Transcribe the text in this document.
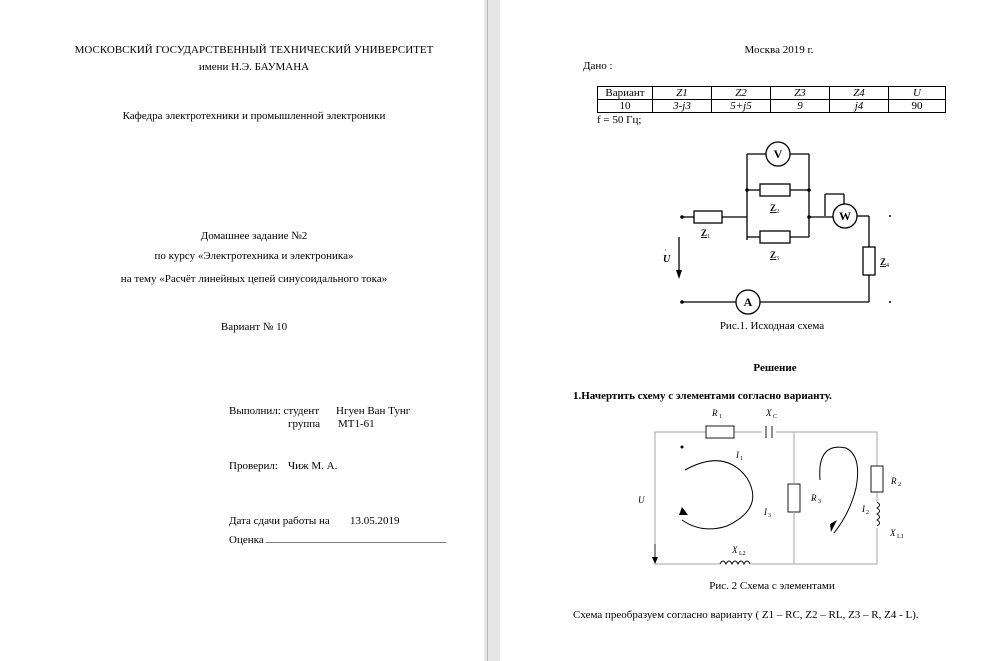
МОСКОВСКИЙ ГОСУДАРСТВЕННЫЙ ТЕХНИЧЕСКИЙ УНИВЕРСИТЕТ
имени Н.Э. БАУМАНА
Кафедра электротехники и промышленной электроники
Домашнее задание №2
по курсу «Электротехника и электроника»
на тему «Расчёт линейных цепей синусоидального тока»
Вариант № 10
Выполнил: студент Нгуен Ван Тунг
группа МТ1-61
Проверил: Чиж М. А.
Дата сдачи работы на 13.05.2019
Оценка ____________________________________
Москва 2019 г.
Дано :
Вариант	Z1	Z2	Z3	Z4	U
10	3-j3	5+j5	9	j4	90
f = 50 Гц;
V
W
A
Z 1
Z 2
Z 3	Z 4
U
·
Рис.1. Исходная схема
Решение
1.Начертить схему с элементами согласно варианту.
R 1	X C
I 1
U	R 3
I 3
R 2
I 2
X L1
X L2
Рис. 2 Схема с элементами
Схема преобразуем согласно варианту ( Z1 – RC, Z2 – RL, Z3 – R, Z4 - L).
